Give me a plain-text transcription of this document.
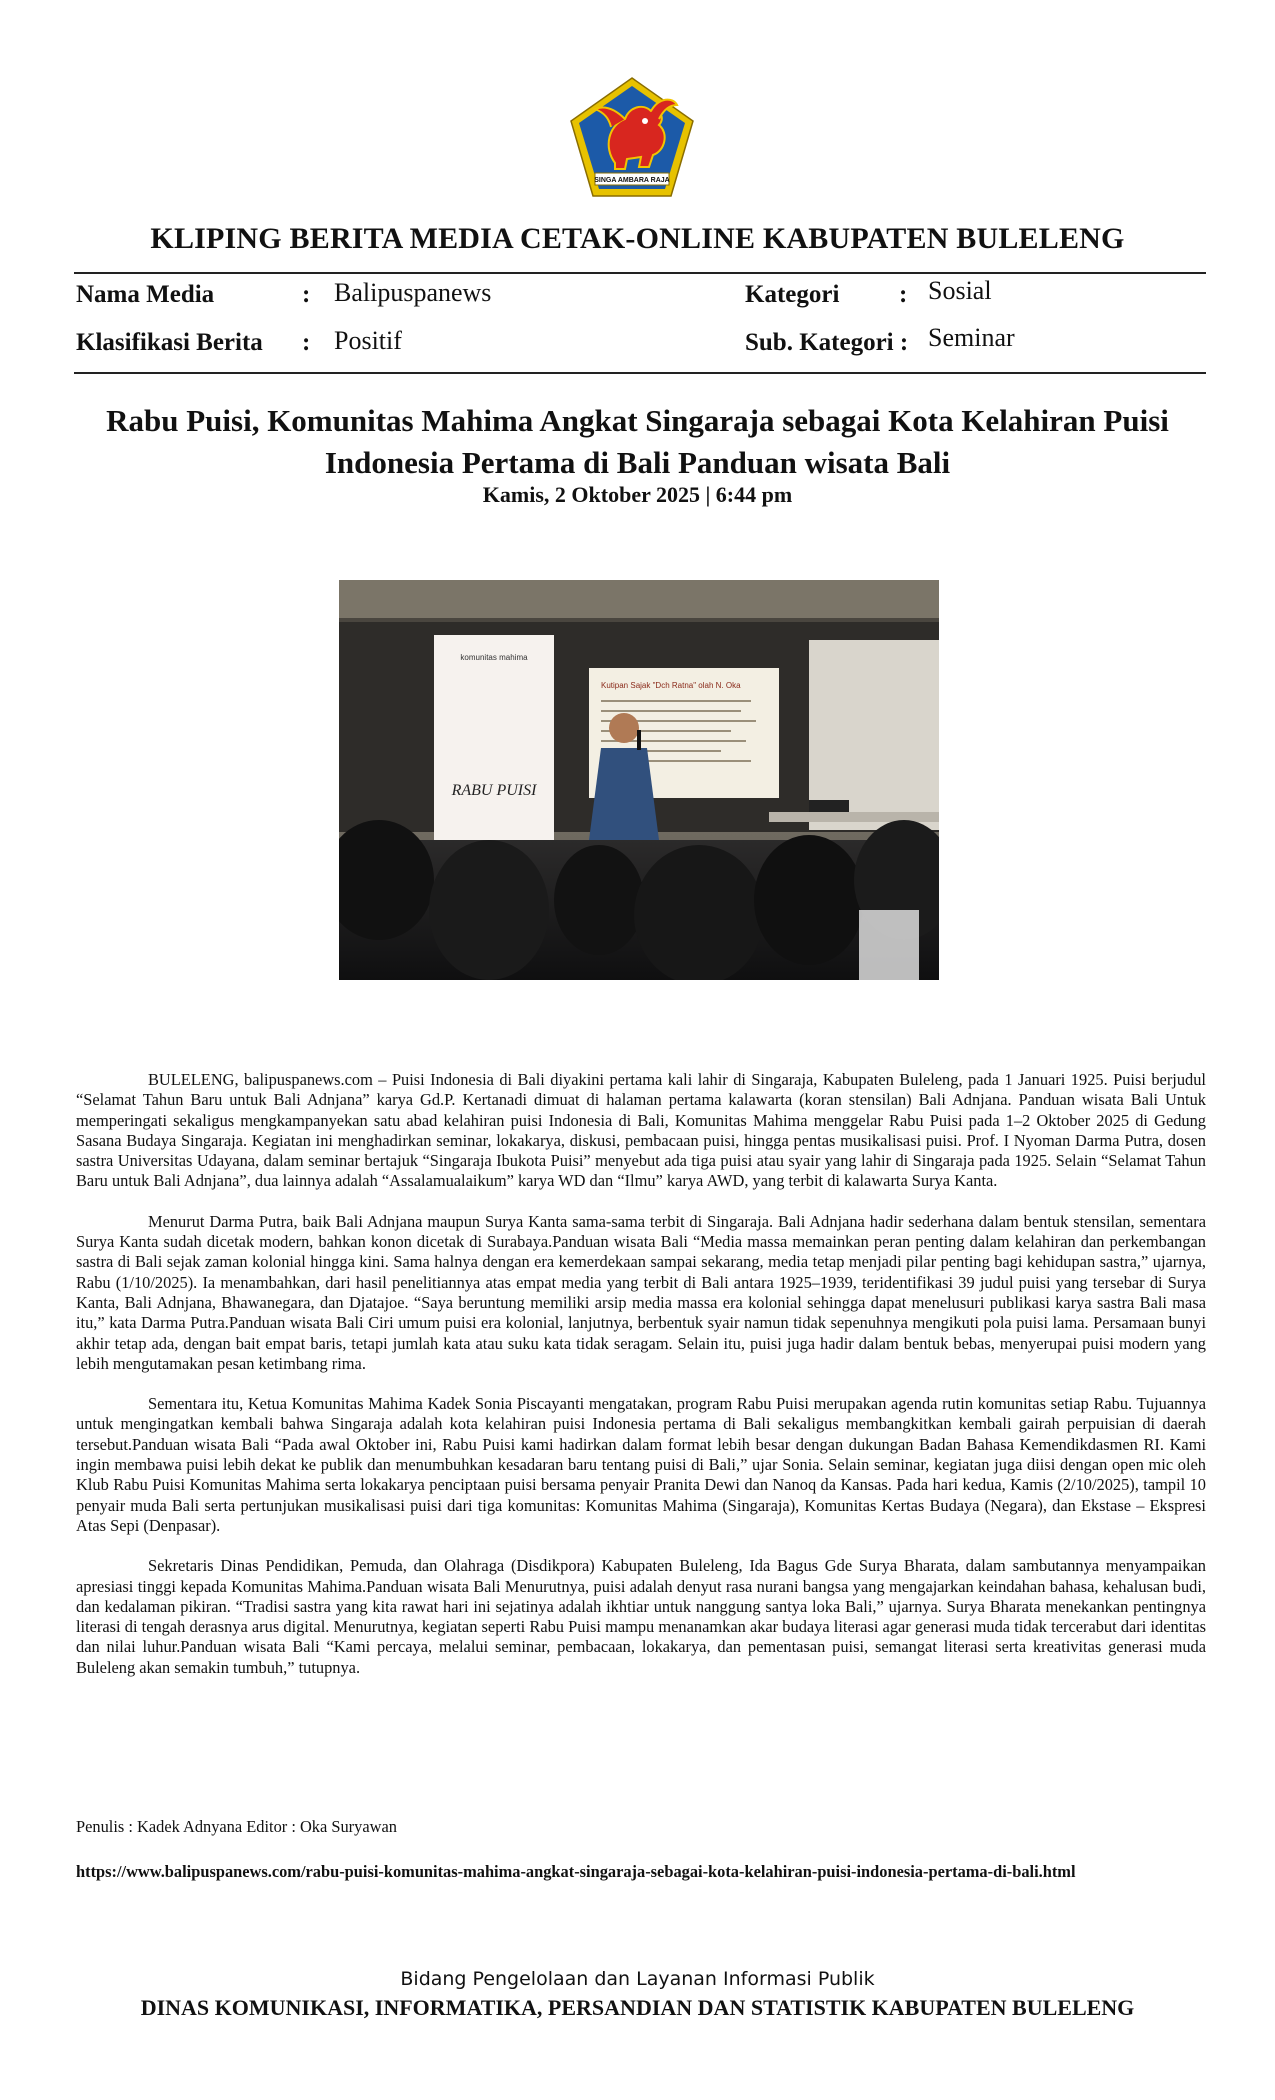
SINGA AMBARA RAJA
KLIPING BERITA MEDIA CETAK-ONLINE KABUPATEN BULELENG
Nama Media	: Balipuspanews
Klasifikasi Berita : Positif
Kategori : Sosial
Sub. Kategori : Seminar
Rabu Puisi, Komunitas Mahima Angkat Singaraja sebagai Kota Kelahiran Puisi Indonesia Pertama di Bali Panduan wisata Bali
Kamis, 2 Oktober 2025 | 6:44 pm
Kutipan Sajak "Dch Ratna" olah N. Oka
komunitas mahima
RABU PUISI

BULELENG, balipuspanews.com – Puisi Indonesia di Bali diyakini pertama kali lahir di Singaraja, Kabupaten Buleleng, pada 1 Januari 1925. Puisi berjudul “Selamat Tahun Baru untuk Bali Adnjana” karya Gd.P. Kertanadi dimuat di halaman pertama kalawarta (koran stensilan) Bali Adnjana. Panduan wisata Bali Untuk memperingati sekaligus mengkampanyekan satu abad kelahiran puisi Indonesia di Bali, Komunitas Mahima menggelar Rabu Puisi pada 1–2 Oktober 2025 di Gedung Sasana Budaya Singaraja. Kegiatan ini menghadirkan seminar, lokakarya, diskusi, pembacaan puisi, hingga pentas musikalisasi puisi. Prof. I Nyoman Darma Putra, dosen sastra Universitas Udayana, dalam seminar bertajuk “Singaraja Ibukota Puisi” menyebut ada tiga puisi atau syair yang lahir di Singaraja pada 1925. Selain “Selamat Tahun Baru untuk Bali Adnjana”, dua lainnya adalah “Assalamualaikum” karya WD dan “Ilmu” karya AWD, yang terbit di kalawarta Surya Kanta.

Menurut Darma Putra, baik Bali Adnjana maupun Surya Kanta sama-sama terbit di Singaraja. Bali Adnjana hadir sederhana dalam bentuk stensilan, sementara Surya Kanta sudah dicetak modern, bahkan konon dicetak di Surabaya.Panduan wisata Bali “Media massa memainkan peran penting dalam kelahiran dan perkembangan sastra di Bali sejak zaman kolonial hingga kini. Sama halnya dengan era kemerdekaan sampai sekarang, media tetap menjadi pilar penting bagi kehidupan sastra,” ujarnya, Rabu (1/10/2025). Ia menambahkan, dari hasil penelitiannya atas empat media yang terbit di Bali antara 1925–1939, teridentifikasi 39 judul puisi yang tersebar di Surya Kanta, Bali Adnjana, Bhawanegara, dan Djatajoe. “Saya beruntung memiliki arsip media massa era kolonial sehingga dapat menelusuri publikasi karya sastra Bali masa itu,” kata Darma Putra.Panduan wisata Bali Ciri umum puisi era kolonial, lanjutnya, berbentuk syair namun tidak sepenuhnya mengikuti pola puisi lama. Persamaan bunyi akhir tetap ada, dengan bait empat baris, tetapi jumlah kata atau suku kata tidak seragam. Selain itu, puisi juga hadir dalam bentuk bebas, menyerupai puisi modern yang lebih mengutamakan pesan ketimbang rima.

Sementara itu, Ketua Komunitas Mahima Kadek Sonia Piscayanti mengatakan, program Rabu Puisi merupakan agenda rutin komunitas setiap Rabu. Tujuannya untuk mengingatkan kembali bahwa Singaraja adalah kota kelahiran puisi Indonesia pertama di Bali sekaligus membangkitkan kembali gairah perpuisian di daerah tersebut.Panduan wisata Bali “Pada awal Oktober ini, Rabu Puisi kami hadirkan dalam format lebih besar dengan dukungan Badan Bahasa Kemendikdasmen RI. Kami ingin membawa puisi lebih dekat ke publik dan menumbuhkan kesadaran baru tentang puisi di Bali,” ujar Sonia. Selain seminar, kegiatan juga diisi dengan open mic oleh Klub Rabu Puisi Komunitas Mahima serta lokakarya penciptaan puisi bersama penyair Pranita Dewi dan Nanoq da Kansas. Pada hari kedua, Kamis (2/10/2025), tampil 10 penyair muda Bali serta pertunjukan musikalisasi puisi dari tiga komunitas: Komunitas Mahima (Singaraja), Komunitas Kertas Budaya (Negara), dan Ekstase – Ekspresi Atas Sepi (Denpasar).

Sekretaris Dinas Pendidikan, Pemuda, dan Olahraga (Disdikpora) Kabupaten Buleleng, Ida Bagus Gde Surya Bharata, dalam sambutannya menyampaikan apresiasi tinggi kepada Komunitas Mahima.Panduan wisata Bali Menurutnya, puisi adalah denyut rasa nurani bangsa yang mengajarkan keindahan bahasa, kehalusan budi, dan kedalaman pikiran. “Tradisi sastra yang kita rawat hari ini sejatinya adalah ikhtiar untuk nanggung santya loka Bali,” ujarnya. Surya Bharata menekankan pentingnya literasi di tengah derasnya arus digital. Menurutnya, kegiatan seperti Rabu Puisi mampu menanamkan akar budaya literasi agar generasi muda tidak tercerabut dari identitas dan nilai luhur.Panduan wisata Bali “Kami percaya, melalui seminar, pembacaan, lokakarya, dan pementasan puisi, semangat literasi serta kreativitas generasi muda Buleleng akan semakin tumbuh,” tutupnya.

Penulis : Kadek Adnyana Editor : Oka Suryawan
https://www.balipuspanews.com/rabu-puisi-komunitas-mahima-angkat-singaraja-sebagai-kota-kelahiran-puisi-indonesia-pertama-di-bali.html
Bidang Pengelolaan dan Layanan Informasi Publik
DINAS KOMUNIKASI, INFORMATIKA, PERSANDIAN DAN STATISTIK KABUPATEN BULELENG
